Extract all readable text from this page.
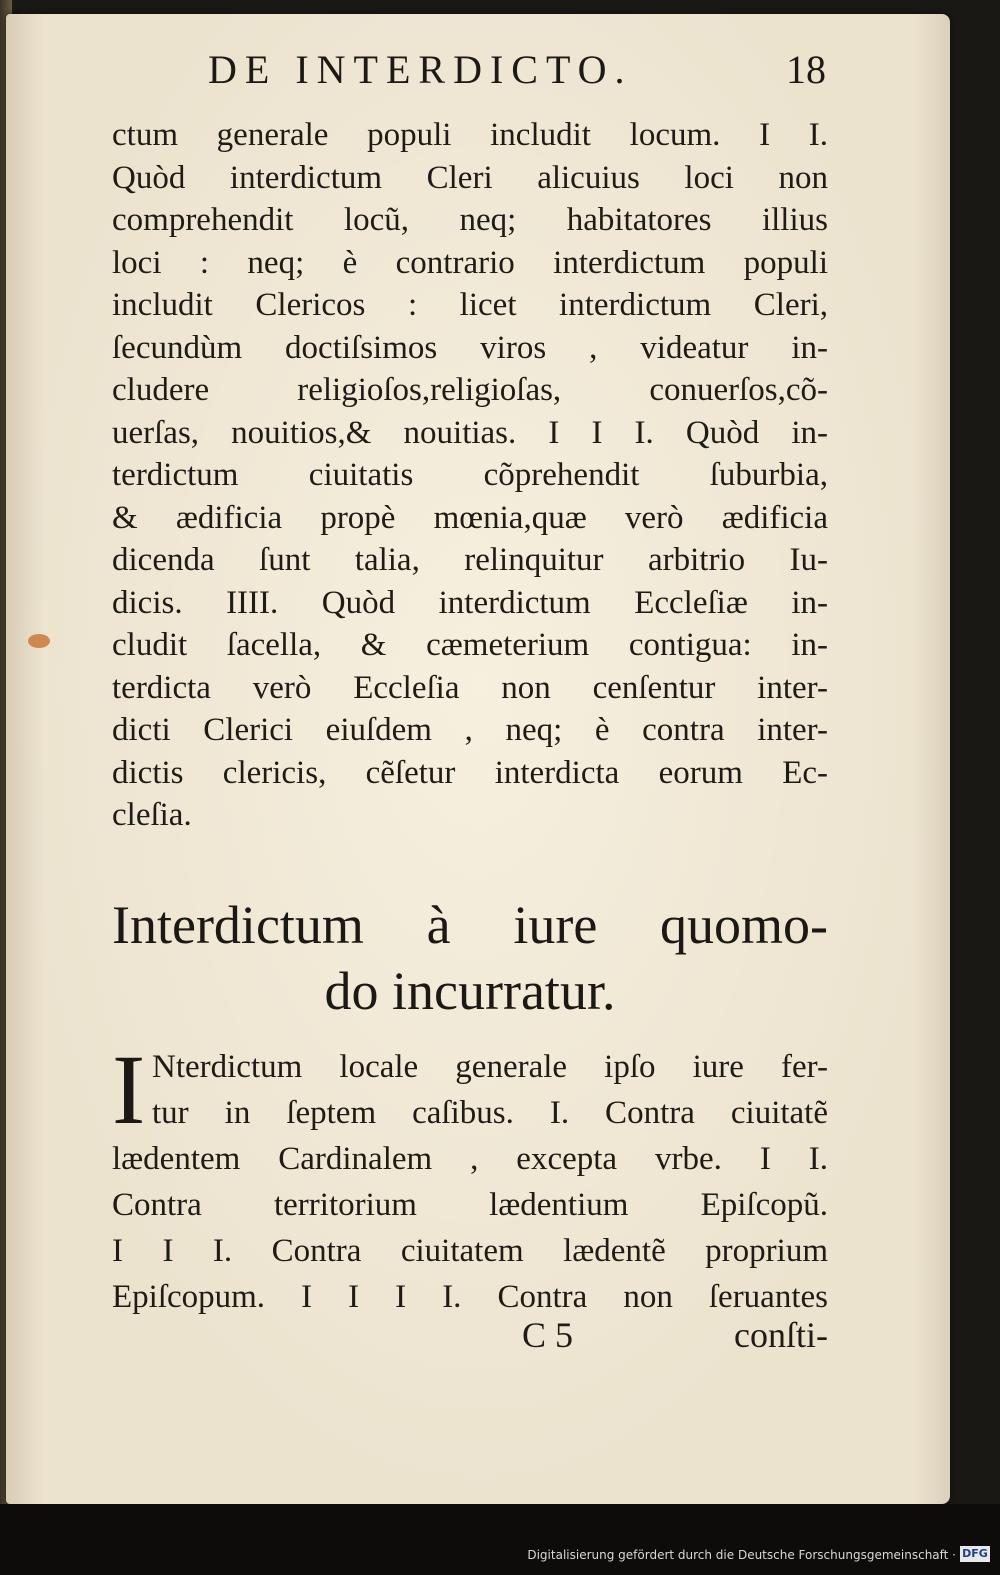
DE INTERDICTO.	18
ctum generale populi includit locum. I I.
Quòd interdictum Cleri alicuius loci non
comprehendit locũ, neq; habitatores illius
loci : neq; è contrario interdictum populi
includit Clericos : licet interdictum Cleri,
ſecundùm doctiſsimos viros , videatur in-
cludere religioſos,religioſas, conuerſos,cõ-
uerſas, nouitios,& nouitias. I I I. Quòd in-
terdictum ciuitatis cõprehendit ſuburbia,
& ædificia propè mœnia,quæ verò ædificia
dicenda ſunt talia, relinquitur arbitrio Iu-
dicis. IIII. Quòd interdictum Eccleſiæ in-
cludit ſacella, & cæmeterium contigua: in-
terdicta verò Eccleſia non cenſentur inter-
dicti Clerici eiuſdem , neq; è contra inter-
dictis clericis, cẽſetur interdicta eorum Ec-
cleſia.
Interdictum à iure quomo-
do incurratur.
I Nterdictum locale generale ipſo iure fer-
tur in ſeptem caſibus. I. Contra ciuitatẽ
lædentem Cardinalem , excepta vrbe. I I.
Contra territorium lædentium Epiſcopũ.
I I I. Contra ciuitatem lædentẽ proprium
Epiſcopum. I I I I. Contra non ſeruantes
C 5	conſti-
Digitalisierung gefördert durch die Deutsche Forschungsgemeinschaft · DFG
